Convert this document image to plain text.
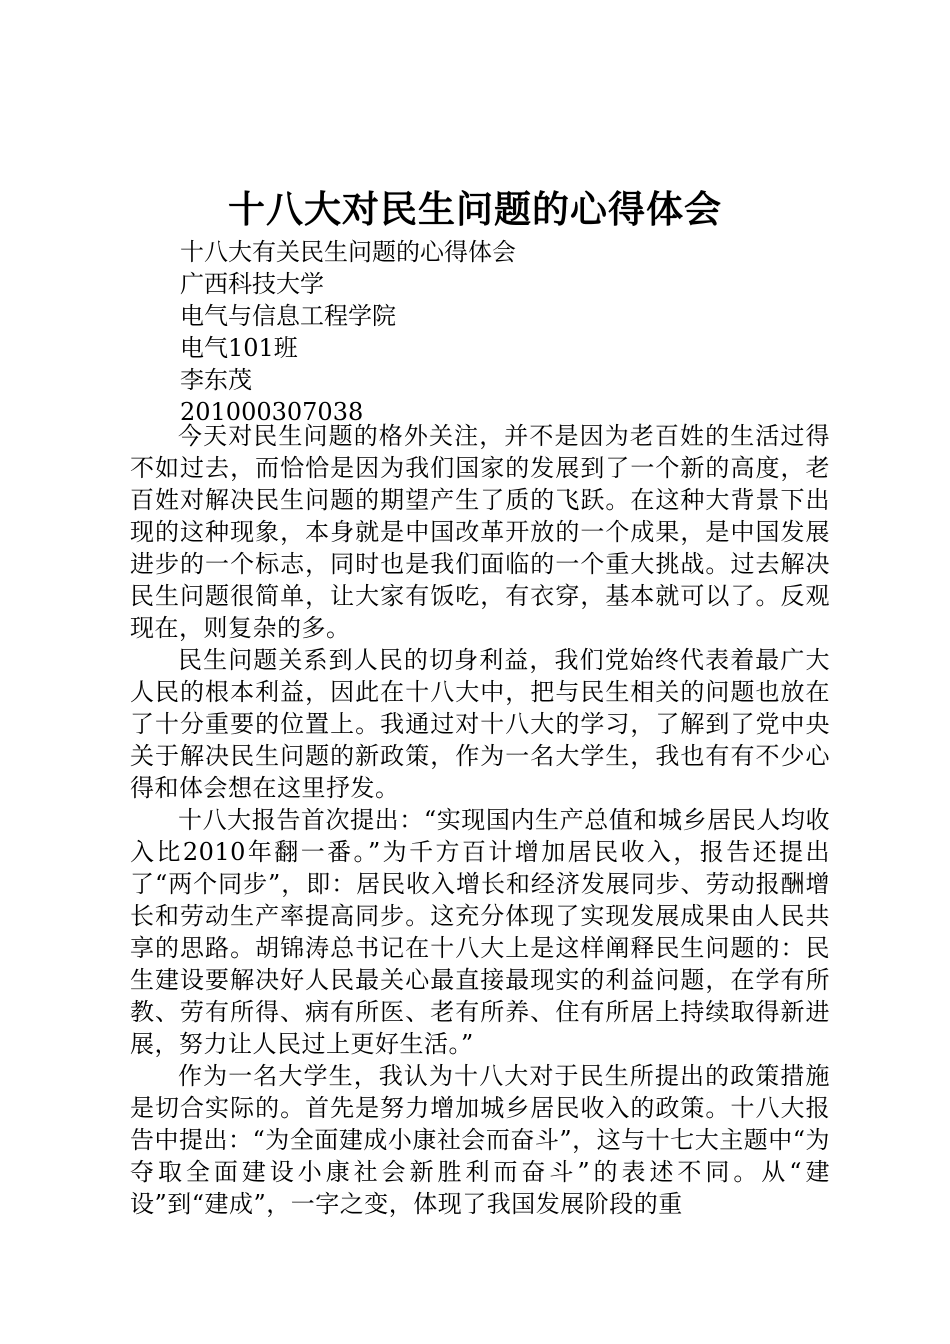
十八大对民生问题的心得体会
十八大有关民生问题的心得体会
广西科技大学
电气与信息工程学院
电气101班
李东茂
201000307038

今天对民生问题的格外关注，并不是因为老百姓的生活过得不如过去，而恰恰是因为我们国家的发展到了一个新的高度，老百姓对解决民生问题的期望产生了质的飞跃。在这种大背景下出现的这种现象，本身就是中国改革开放的一个成果，是中国发展进步的一个标志，同时也是我们面临的一个重大挑战。过去解决民生问题很简单，让大家有饭吃，有衣穿，基本就可以了。反观现在，则复杂的多。

民生问题关系到人民的切身利益，我们党始终代表着最广大人民的根本利益，因此在十八大中，把与民生相关的问题也放在了十分重要的位置上。我通过对十八大的学习，了解到了党中央关于解决民生问题的新政策，作为一名大学生，我也有有不少心得和体会想在这里抒发。

十八大报告首次提出：“实现国内生产总值和城乡居民人均收入比2010年翻一番。”为千方百计增加居民收入，报告还提出了“两个同步”，即：居民收入增长和经济发展同步、劳动报酬增长和劳动生产率提高同步。这充分体现了实现发展成果由人民共享的思路。胡锦涛总书记在十八大上是这样阐释民生问题的：民生建设要解决好人民最关心最直接最现实的利益问题，在学有所教、劳有所得、病有所医、老有所养、住有所居上持续取得新进展，努力让人民过上更好生活。”

作为一名大学生，我认为十八大对于民生所提出的政策措施是切合实际的。首先是努力增加城乡居民收入的政策。十八大报告中提出：“为全面建成小康社会而奋斗”，这与十七大主题中“为夺取全面建设小康社会新胜利而奋斗”的表述不同。从“建设”到“建成”，一字之变，体现了我国发展阶段的重
